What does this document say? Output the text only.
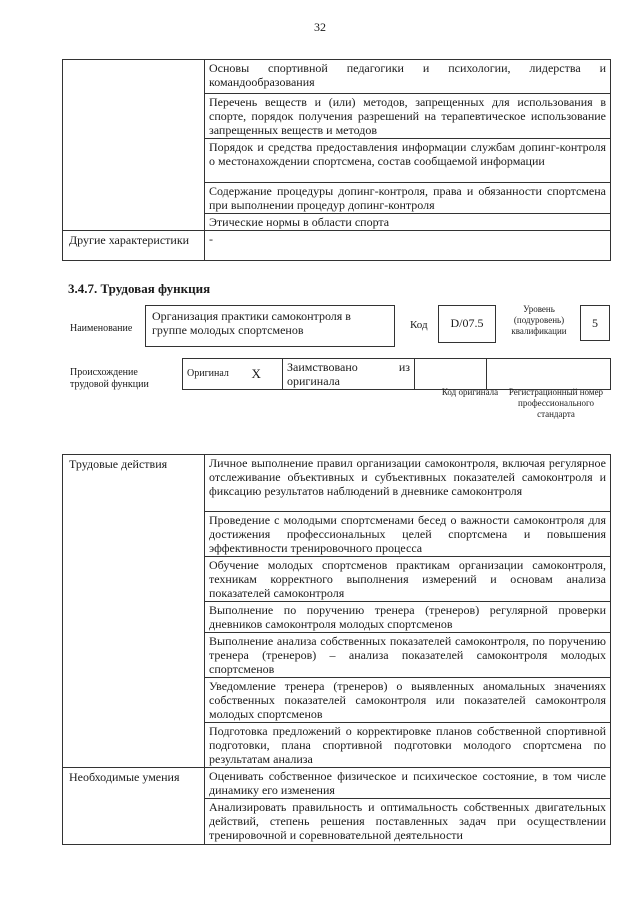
32
	Основы спортивной педагогики и психологии, лидерства и командообразования
	Перечень веществ и (или) методов, запрещенных для использования в спорте, порядок получения разрешений на терапевтическое использование запрещенных веществ и методов
	Порядок и средства предоставления информации службам допинг-контроля о местонахождении спортсмена, состав сообщаемой информации
	Содержание процедуры допинг-контроля, права и обязанности спортсмена при выполнении процедур допинг-контроля
	Этические нормы в области спорта
Другие характеристики	-
3.4.7. Трудовая функция
Наименование
Организация практики самоконтроля в группе молодых спортсменов	Код	D/07.5
Уровень (подуровень) квалификации
5
Происхождение трудовой функции
Оригинал	X	Заимствовано из оригинала		
Код оригинала	Регистрационный номер профессионального стандарта
Трудовые действия	Личное выполнение правил организации самоконтроля, включая регулярное отслеживание объективных и субъективных показателей самоконтроля и фиксацию результатов наблюдений в дневнике самоконтроля
	Проведение с молодыми спортсменами бесед о важности самоконтроля для достижения профессиональных целей спортсмена и повышения эффективности тренировочного процесса
	Обучение молодых спортсменов практикам организации самоконтроля, техникам корректного выполнения измерений и основам анализа показателей самоконтроля
	Выполнение по поручению тренера (тренеров) регулярной проверки дневников самоконтроля молодых спортсменов
	Выполнение анализа собственных показателей самоконтроля, по поручению тренера (тренеров) – анализа показателей самоконтроля молодых спортсменов
	Уведомление тренера (тренеров) о выявленных аномальных значениях собственных показателей самоконтроля или показателей самоконтроля молодых спортсменов
	Подготовка предложений о корректировке планов собственной спортивной подготовки, плана спортивной подготовки молодого спортсмена по результатам анализа
Необходимые умения	Оценивать собственное физическое и психическое состояние, в том числе динамику его изменения
	Анализировать правильность и оптимальность собственных двигательных действий, степень решения поставленных задач при осуществлении тренировочной и соревновательной деятельности
